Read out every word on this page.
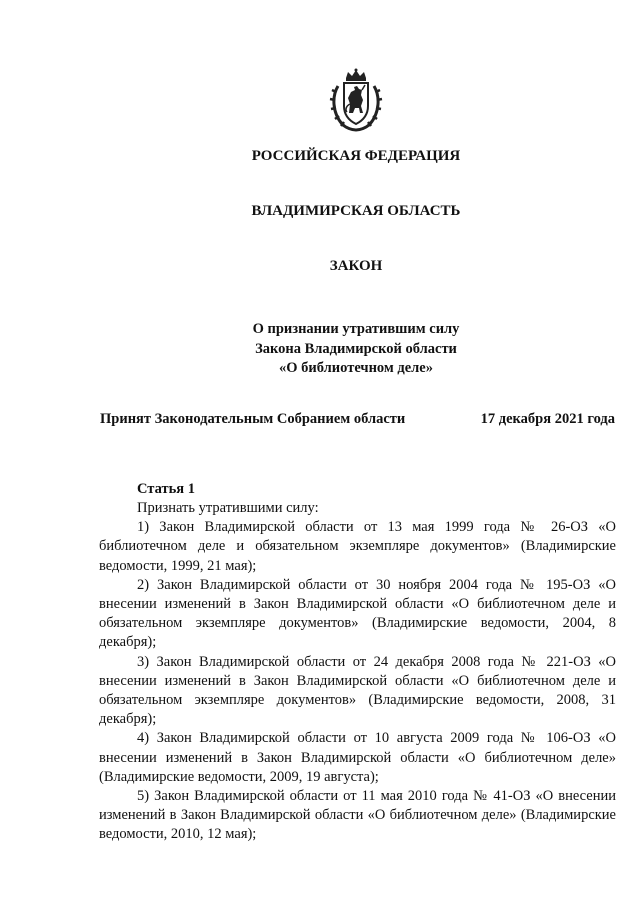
РОССИЙСКАЯ ФЕДЕРАЦИЯ
ВЛАДИМИРСКАЯ ОБЛАСТЬ
ЗАКОН
О признании утратившим силу
Закона Владимирской области
«О библиотечном деле»
Принят Законодательным Собранием области	17 декабря 2021 года
Статья 1

Признать утратившими силу:

1) Закон Владимирской области от 13 мая 1999 года № 26-ОЗ «О библиотечном деле и обязательном экземпляре документов» (Владимирские ведомости, 1999, 21 мая);

2) Закон Владимирской области от 30 ноября 2004 года № 195-ОЗ «О внесении изменений в Закон Владимирской области «О библиотечном деле и обязательном экземпляре документов» (Владимирские ведомости, 2004, 8 декабря);

3) Закон Владимирской области от 24 декабря 2008 года № 221-ОЗ «О внесении изменений в Закон Владимирской области «О библиотечном деле и обязательном экземпляре документов» (Владимирские ведомости, 2008, 31 декабря);

4) Закон Владимирской области от 10 августа 2009 года № 106-ОЗ «О внесении изменений в Закон Владимирской области «О библиотечном деле» (Владимирские ведомости, 2009, 19 августа);

5) Закон Владимирской области от 11 мая 2010 года № 41-ОЗ «О внесении изменений в Закон Владимирской области «О библиотечном деле» (Владимирские ведомости, 2010, 12 мая);
